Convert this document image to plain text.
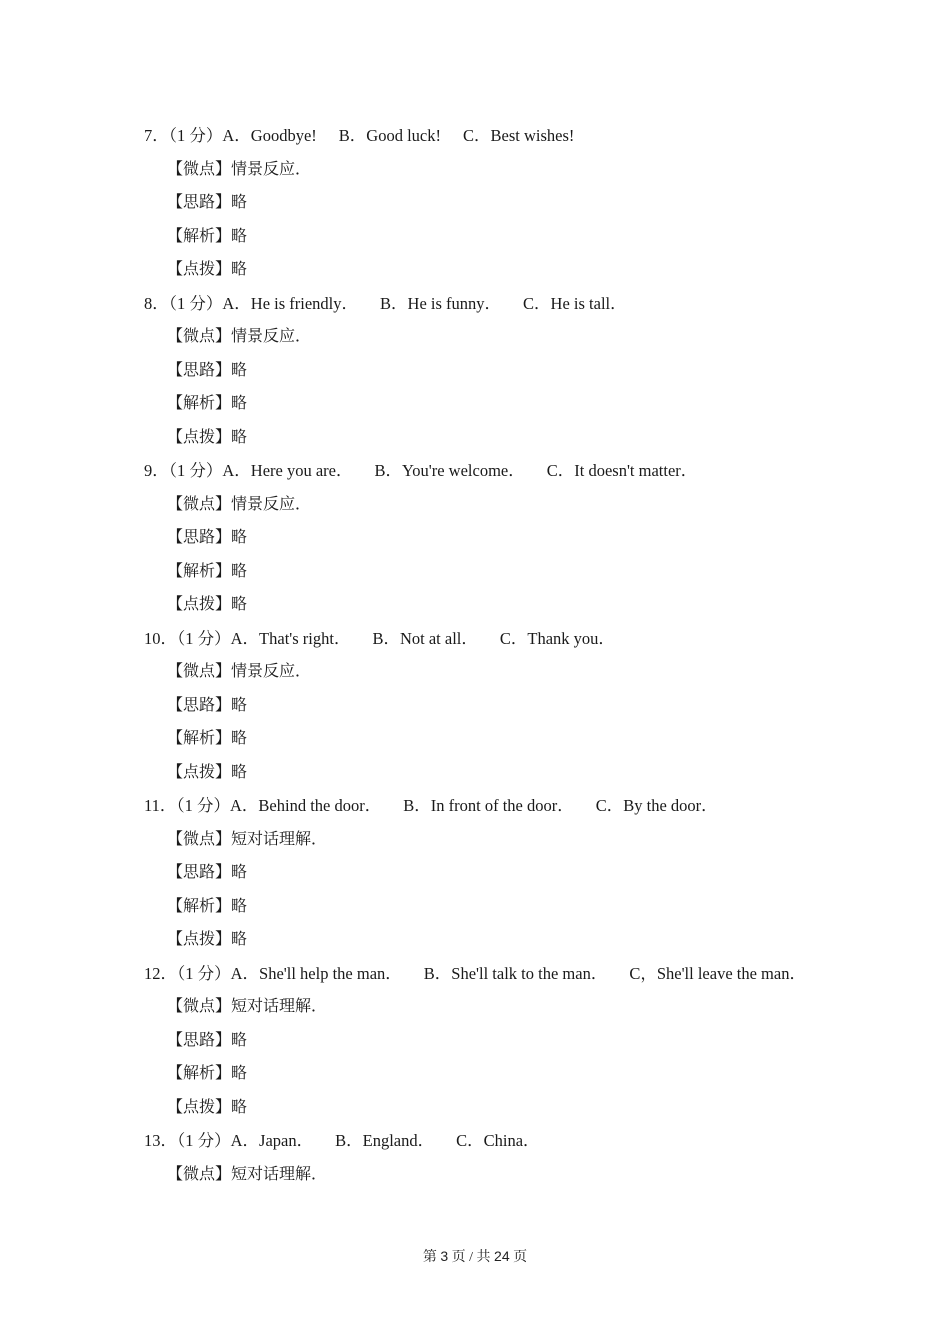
7．（1 分）A．Goodbye! B．Good luck! C．Best wishes!
【微点】情景反应．
【思路】略
【解析】略
【点拨】略
8．（1 分）A．He is friendly． B．He is funny． C．He is tall．
【微点】情景反应．
【思路】略
【解析】略
【点拨】略
9．（1 分）A．Here you are． B．You're welcome． C．It doesn't matter．
【微点】情景反应．
【思路】略
【解析】略
【点拨】略
10．（1 分）A．That's right． B．Not at all． C．Thank you．
【微点】情景反应．
【思路】略
【解析】略
【点拨】略
11．（1 分）A．Behind the door． B．In front of the door． C．By the door．
【微点】短对话理解．
【思路】略
【解析】略
【点拨】略
12．（1 分）A．She'll help the man． B．She'll talk to the man． C，She'll leave the man．
【微点】短对话理解．
【思路】略
【解析】略
【点拨】略
13．（1 分）A．Japan． B．England． C．China．
【微点】短对话理解．
第 3 页 / 共 24 页
